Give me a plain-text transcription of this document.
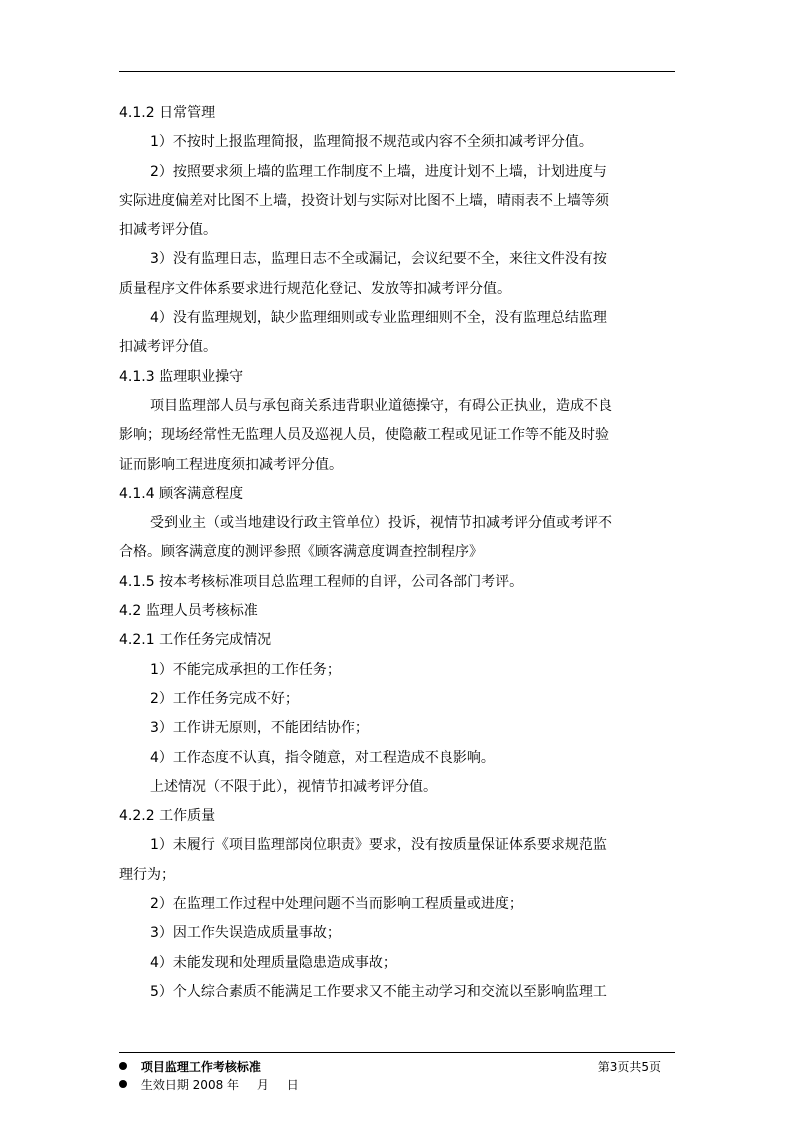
4.1.2 日常管理
1）不按时上报监理简报，监理简报不规范或内容不全须扣减考评分值。
2）按照要求须上墙的监理工作制度不上墙，进度计划不上墙，计划进度与
实际进度偏差对比图不上墙，投资计划与实际对比图不上墙，晴雨表不上墙等须
扣减考评分值。
3）没有监理日志，监理日志不全或漏记，会议纪要不全，来往文件没有按
质量程序文件体系要求进行规范化登记、发放等扣减考评分值。
4）没有监理规划，缺少监理细则或专业监理细则不全，没有监理总结监理
扣减考评分值。
4.1.3 监理职业操守
项目监理部人员与承包商关系违背职业道德操守，有碍公正执业，造成不良
影响；现场经常性无监理人员及巡视人员，使隐蔽工程或见证工作等不能及时验
证而影响工程进度须扣减考评分值。
4.1.4 顾客满意程度
受到业主（或当地建设行政主管单位）投诉，视情节扣减考评分值或考评不
合格。顾客满意度的测评参照《顾客满意度调查控制程序》
4.1.5 按本考核标准项目总监理工程师的自评，公司各部门考评。
4.2 监理人员考核标准
4.2.1 工作任务完成情况
1）不能完成承担的工作任务；
2）工作任务完成不好；
3）工作讲无原则，不能团结协作；
4）工作态度不认真，指令随意，对工程造成不良影响。
上述情况（不限于此），视情节扣减考评分值。
4.2.2 工作质量
1）未履行《项目监理部岗位职责》要求，没有按质量保证体系要求规范监
理行为；
2）在监理工作过程中处理问题不当而影响工程质量或进度；
3）因工作失误造成质量事故；
4）未能发现和处理质量隐患造成事故；
5）个人综合素质不能满足工作要求又不能主动学习和交流以至影响监理工
项目监理工作考核标准	第3页共5页
生效日期 2008 年 月 日
